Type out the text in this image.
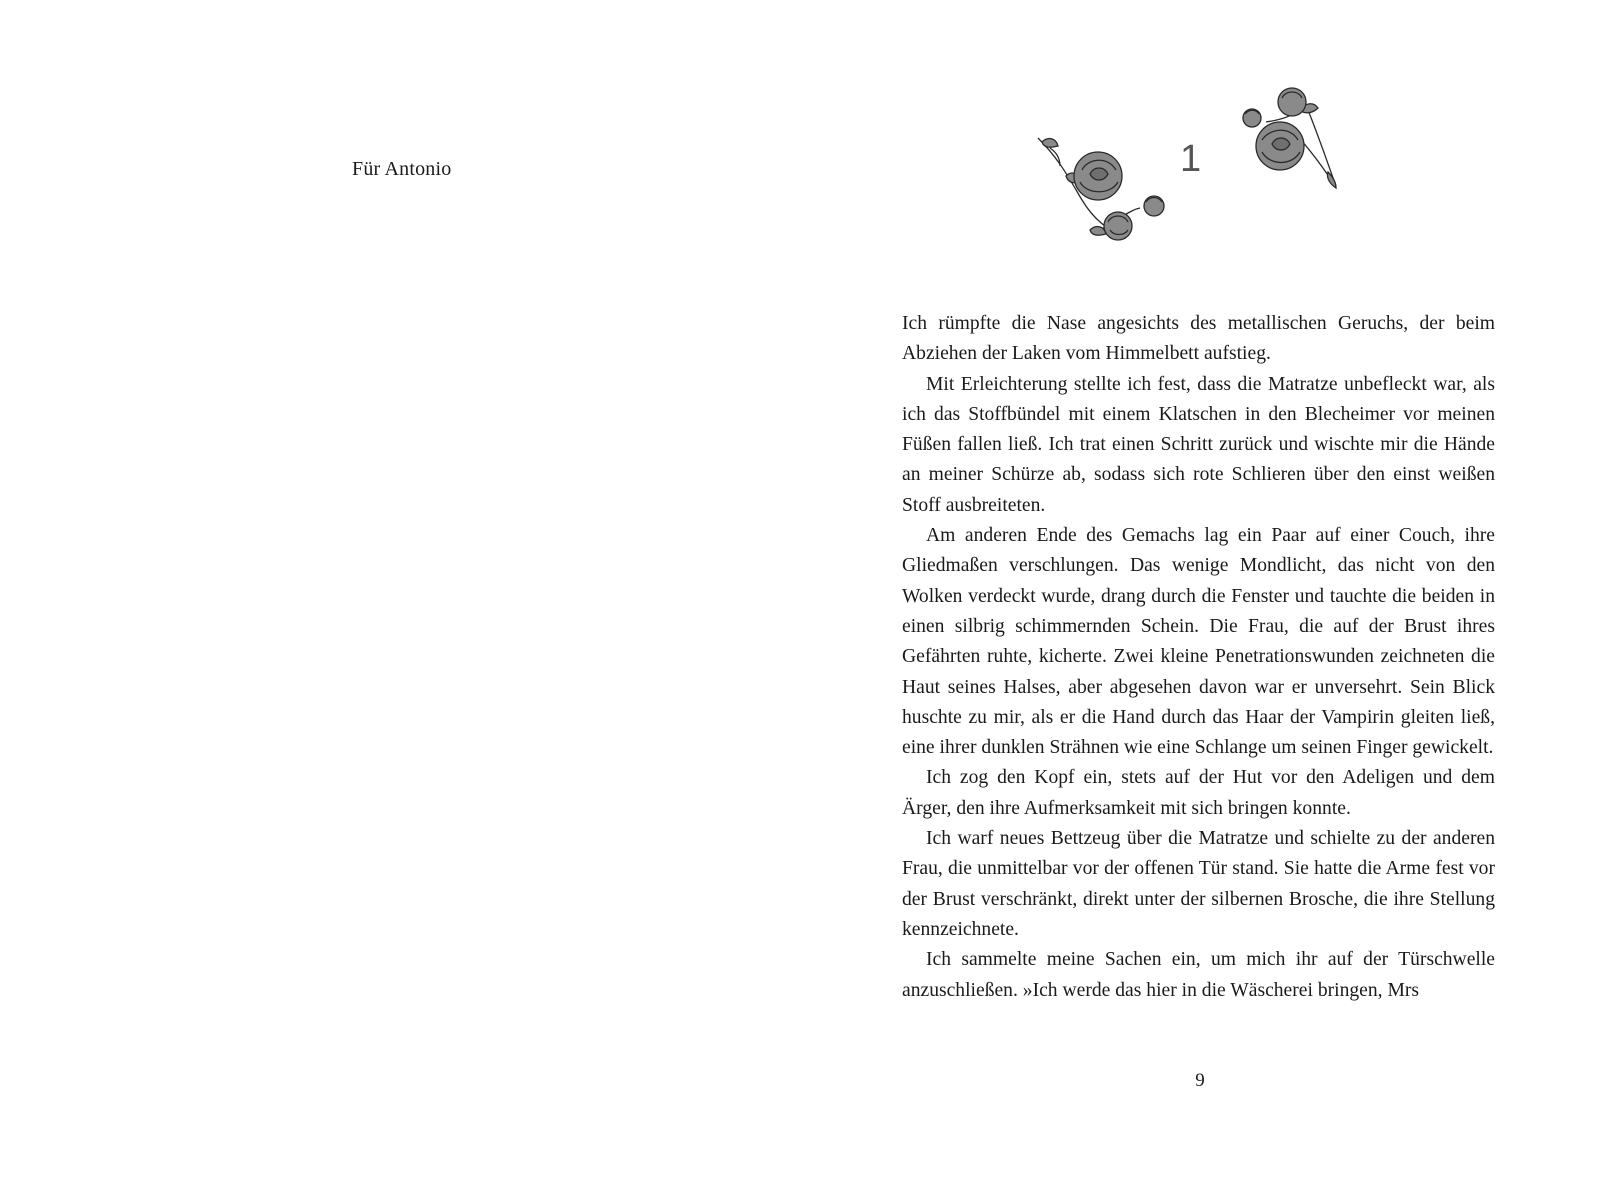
Für Antonio	1

Ich rümpfte die Nase angesichts des metallischen Geruchs, der beim Abziehen der Laken vom Himmelbett aufstieg.

Mit Erleichterung stellte ich fest, dass die Matratze unbefleckt war, als ich das Stoffbündel mit einem Klatschen in den Blecheimer vor meinen Füßen fallen ließ. Ich trat einen Schritt zurück und wischte mir die Hände an meiner Schürze ab, sodass sich rote Schlieren über den einst weißen Stoff ausbreiteten.

Am anderen Ende des Gemachs lag ein Paar auf einer Couch, ihre Gliedmaßen verschlungen. Das wenige Mondlicht, das nicht von den Wolken verdeckt wurde, drang durch die Fenster und tauchte die beiden in einen silbrig schimmernden Schein. Die Frau, die auf der Brust ihres Gefährten ruhte, kicherte. Zwei kleine Penetrationswunden zeichneten die Haut seines Halses, aber abgesehen davon war er unversehrt. Sein Blick huschte zu mir, als er die Hand durch das Haar der Vampirin gleiten ließ, eine ihrer dunklen Strähnen wie eine Schlange um seinen Finger gewickelt.

Ich zog den Kopf ein, stets auf der Hut vor den Adeligen und dem Ärger, den ihre Aufmerksamkeit mit sich bringen konnte.

Ich warf neues Bettzeug über die Matratze und schielte zu der anderen Frau, die unmittelbar vor der offenen Tür stand. Sie hatte die Arme fest vor der Brust verschränkt, direkt unter der silbernen Brosche, die ihre Stellung kennzeichnete.

Ich sammelte meine Sachen ein, um mich ihr auf der Türschwelle anzuschließen. »Ich werde das hier in die Wäscherei bringen, Mrs

9
